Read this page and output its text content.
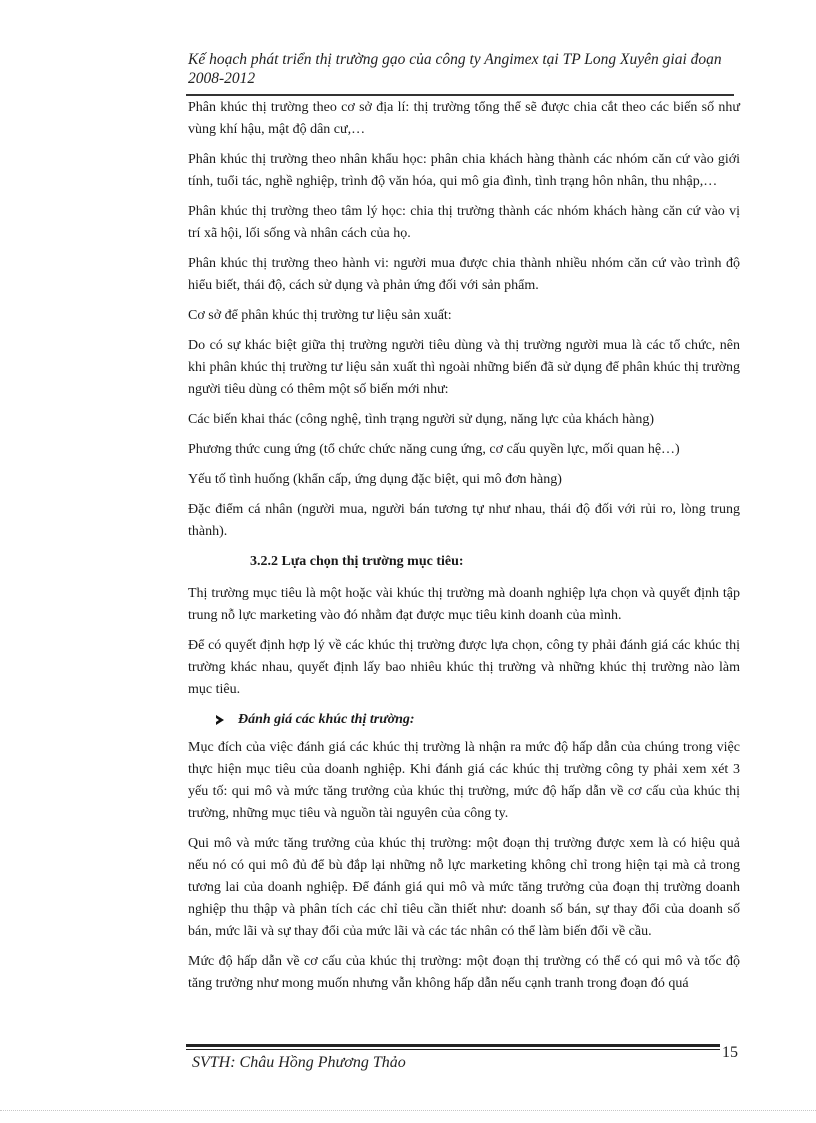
Kế hoạch phát triển thị trường gạo của công ty Angimex tại TP Long Xuyên giai đoạn 2008-2012

Phân khúc thị trường theo cơ sở địa lí: thị trường tổng thể sẽ được chia cắt theo các biến số như vùng khí hậu, mật độ dân cư,…

Phân khúc thị trường theo nhân khẩu học: phân chia khách hàng thành các nhóm căn cứ vào giới tính, tuổi tác, nghề nghiệp, trình độ văn hóa, qui mô gia đình, tình trạng hôn nhân, thu nhập,…

Phân khúc thị trường theo tâm lý học: chia thị trường thành các nhóm khách hàng căn cứ vào vị trí xã hội, lối sống và nhân cách của họ.

Phân khúc thị trường theo hành vi: người mua được chia thành nhiều nhóm căn cứ vào trình độ hiểu biết, thái độ, cách sử dụng và phản ứng đối với sản phẩm.

Cơ sở để phân khúc thị trường tư liệu sản xuất:

Do có sự khác biệt giữa thị trường người tiêu dùng và thị trường người mua là các tổ chức, nên khi phân khúc thị trường tư liệu sản xuất thì ngoài những biến đã sử dụng để phân khúc thị trường người tiêu dùng có thêm một số biến mới như:

Các biến khai thác (công nghệ, tình trạng người sử dụng, năng lực của khách hàng)

Phương thức cung ứng (tổ chức chức năng cung ứng, cơ cấu quyền lực, mối quan hệ…)

Yếu tố tình huống (khẩn cấp, ứng dụng đặc biệt, qui mô đơn hàng)

Đặc điểm cá nhân (người mua, người bán tương tự như nhau, thái độ đối với rủi ro, lòng trung thành).

3.2.2 Lựa chọn thị trường mục tiêu:

Thị trường mục tiêu là một hoặc vài khúc thị trường mà doanh nghiệp lựa chọn và quyết định tập trung nỗ lực marketing vào đó nhằm đạt được mục tiêu kinh doanh của mình.

Để có quyết định hợp lý về các khúc thị trường được lựa chọn, công ty phải đánh giá các khúc thị trường khác nhau, quyết định lấy bao nhiêu khúc thị trường và những khúc thị trường nào làm mục tiêu.

Đánh giá các khúc thị trường:

Mục đích của việc đánh giá các khúc thị trường là nhận ra mức độ hấp dẫn của chúng trong việc thực hiện mục tiêu của doanh nghiệp. Khi đánh giá các khúc thị trường công ty phải xem xét 3 yếu tố: qui mô và mức tăng trưởng của khúc thị trường, mức độ hấp dẫn về cơ cấu của khúc thị trường, những mục tiêu và nguồn tài nguyên của công ty.

Qui mô và mức tăng trưởng của khúc thị trường: một đoạn thị trường được xem là có hiệu quả nếu nó có qui mô đủ để bù đắp lại những nỗ lực marketing không chỉ trong hiện tại mà cả trong tương lai của doanh nghiệp. Để đánh giá qui mô và mức tăng trưởng của đoạn thị trường doanh nghiệp thu thập và phân tích các chỉ tiêu cần thiết như: doanh số bán, sự thay đổi của doanh số bán, mức lãi và sự thay đổi của mức lãi và các tác nhân có thể làm biến đổi về cầu.

Mức độ hấp dẫn về cơ cấu của khúc thị trường: một đoạn thị trường có thể có qui mô và tốc độ tăng trưởng như mong muốn nhưng vẫn không hấp dẫn nếu cạnh tranh trong đoạn đó quá

SVTH: Châu Hồng Phương Thảo
15
